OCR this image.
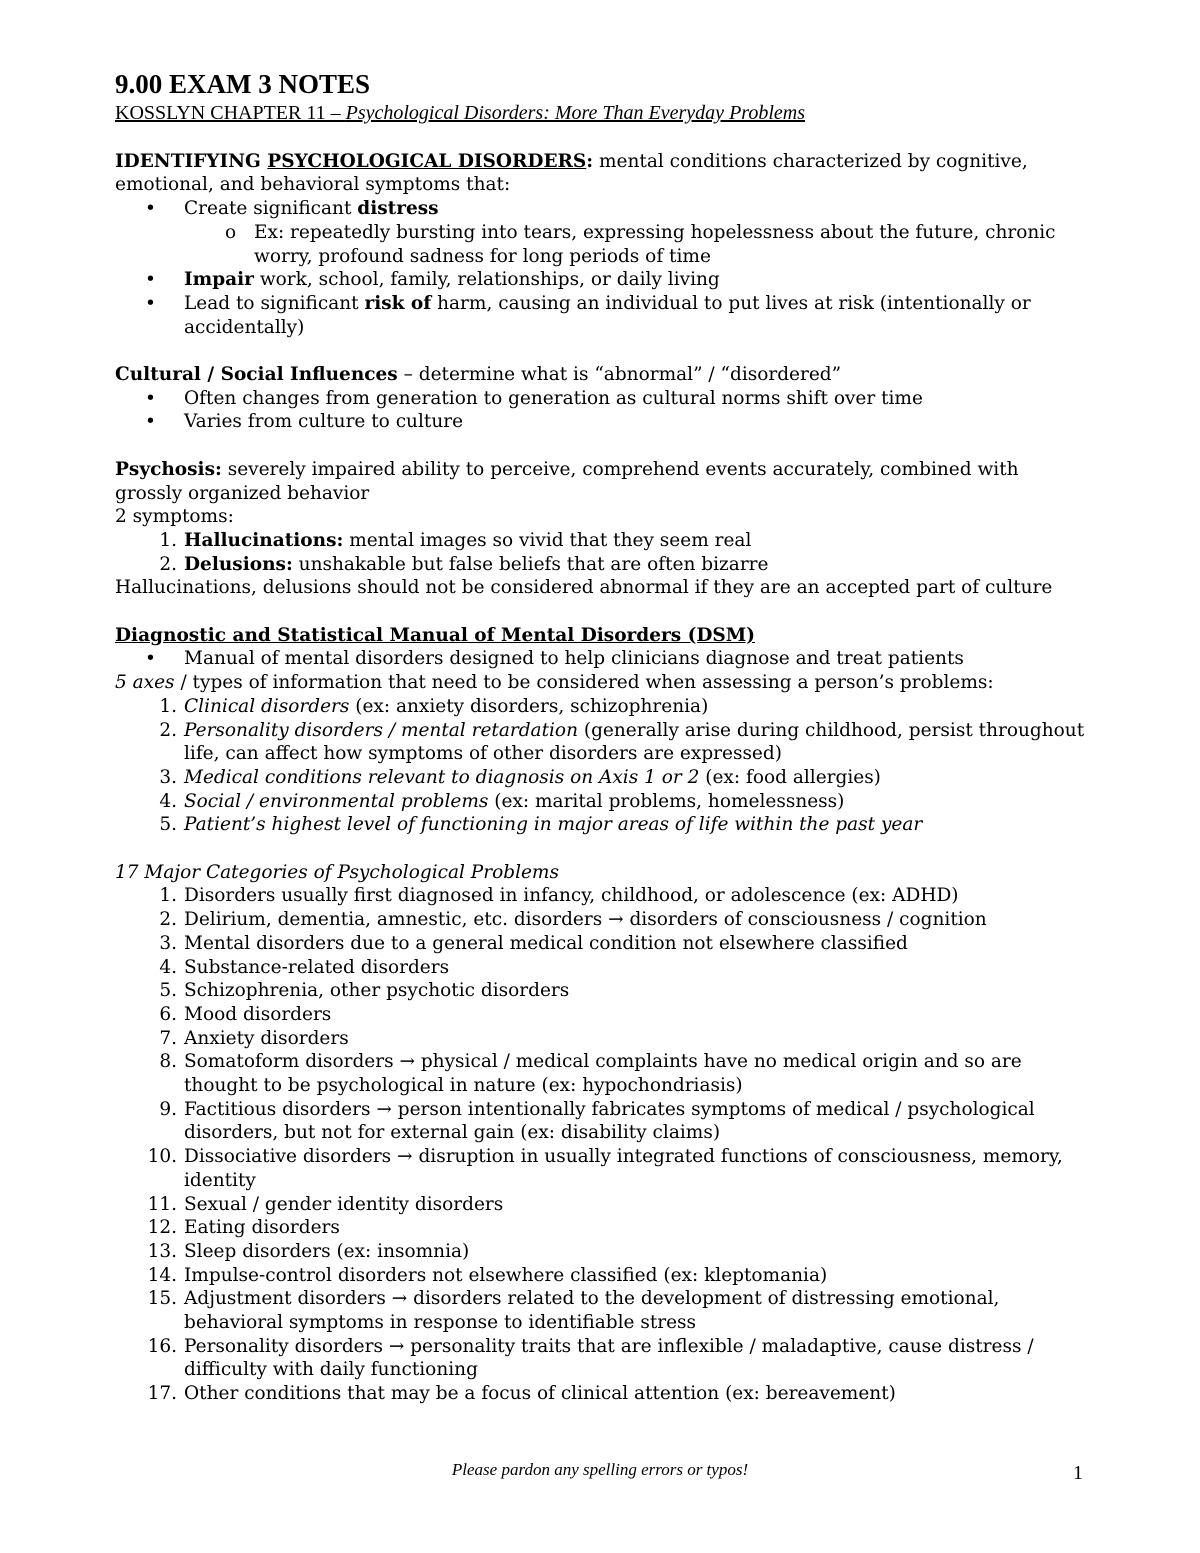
9.00 EXAM 3 NOTES
KOSSLYN CHAPTER 11 – Psychological Disorders: More Than Everyday Problems
IDENTIFYING PSYCHOLOGICAL DISORDERS: mental conditions characterized by cognitive,
emotional, and behavioral symptoms that:
•	Create significant distress
o Ex: repeatedly bursting into tears, expressing hopelessness about the future, chronic
worry, profound sadness for long periods of time
•	Impair work, school, family, relationships, or daily living
•	Lead to significant risk of harm, causing an individual to put lives at risk (intentionally or
accidentally)
Cultural / Social Influences – determine what is “abnormal” / “disordered”
•	Often changes from generation to generation as cultural norms shift over time
•	Varies from culture to culture
Psychosis: severely impaired ability to perceive, comprehend events accurately, combined with
grossly organized behavior
2 symptoms:
1. Hallucinations: mental images so vivid that they seem real
2. Delusions: unshakable but false beliefs that are often bizarre
Hallucinations, delusions should not be considered abnormal if they are an accepted part of culture
Diagnostic and Statistical Manual of Mental Disorders (DSM)
•	Manual of mental disorders designed to help clinicians diagnose and treat patients
5 axes / types of information that need to be considered when assessing a person’s problems:
1. Clinical disorders (ex: anxiety disorders, schizophrenia)
2. Personality disorders / mental retardation (generally arise during childhood, persist throughout
life, can affect how symptoms of other disorders are expressed)
3. Medical conditions relevant to diagnosis on Axis 1 or 2 (ex: food allergies)
4. Social / environmental problems (ex: marital problems, homelessness)
5. Patient’s highest level of functioning in major areas of life within the past year
17 Major Categories of Psychological Problems
1. Disorders usually first diagnosed in infancy, childhood, or adolescence (ex: ADHD)
2. Delirium, dementia, amnestic, etc. disorders → disorders of consciousness / cognition
3. Mental disorders due to a general medical condition not elsewhere classified
4. Substance-related disorders
5. Schizophrenia, other psychotic disorders
6. Mood disorders
7. Anxiety disorders
8. Somatoform disorders → physical / medical complaints have no medical origin and so are
thought to be psychological in nature (ex: hypochondriasis)
9. Factitious disorders → person intentionally fabricates symptoms of medical / psychological
disorders, but not for external gain (ex: disability claims)
10. Dissociative disorders → disruption in usually integrated functions of consciousness, memory,
identity
11. Sexual / gender identity disorders
12. Eating disorders
13. Sleep disorders (ex: insomnia)
14. Impulse-control disorders not elsewhere classified (ex: kleptomania)
15. Adjustment disorders → disorders related to the development of distressing emotional,
behavioral symptoms in response to identifiable stress
16. Personality disorders → personality traits that are inflexible / maladaptive, cause distress /
difficulty with daily functioning
17. Other conditions that may be a focus of clinical attention (ex: bereavement)
Please pardon any spelling errors or typos!	1
